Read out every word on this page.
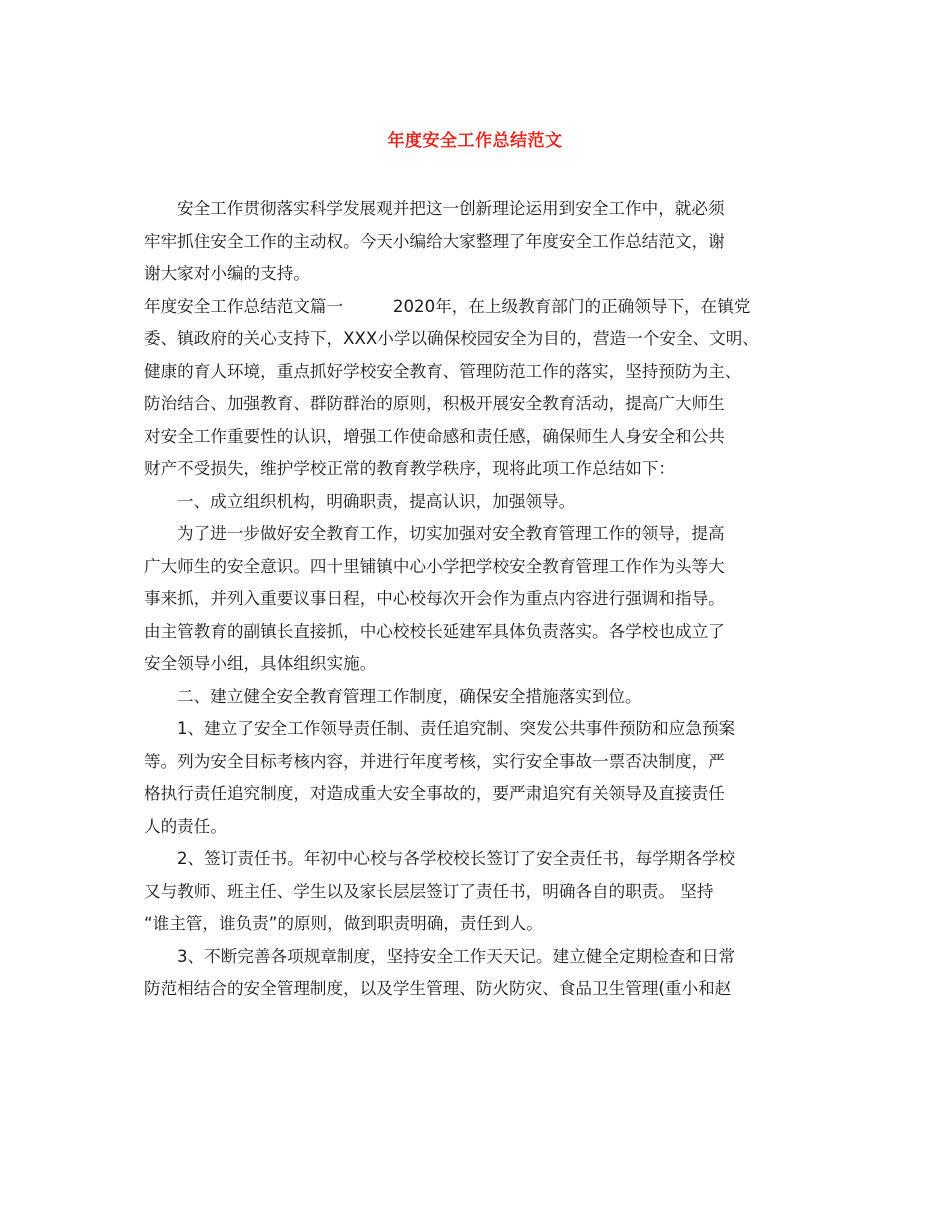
年度安全工作总结范文
安全工作贯彻落实科学发展观并把这一创新理论运用到安全工作中，就必须
牢牢抓住安全工作的主动权。今天小编给大家整理了年度安全工作总结范文，谢
谢大家对小编的支持。
年度安全工作总结范文篇一　　　2020年，在上级教育部门的正确领导下，在镇党
委、镇政府的关心支持下，XXX小学以确保校园安全为目的，营造一个安全、文明、
健康的育人环境，重点抓好学校安全教育、管理防范工作的落实，坚持预防为主、
防治结合、加强教育、群防群治的原则，积极开展安全教育活动，提高广大师生
对安全工作重要性的认识，增强工作使命感和责任感，确保师生人身安全和公共
财产不受损失，维护学校正常的教育教学秩序，现将此项工作总结如下：
一、成立组织机构，明确职责，提高认识，加强领导。
为了进一步做好安全教育工作，切实加强对安全教育管理工作的领导，提高
广大师生的安全意识。四十里铺镇中心小学把学校安全教育管理工作作为头等大
事来抓，并列入重要议事日程，中心校每次开会作为重点内容进行强调和指导。
由主管教育的副镇长直接抓，中心校校长延建军具体负责落实。各学校也成立了
安全领导小组，具体组织实施。
二、建立健全安全教育管理工作制度，确保安全措施落实到位。
1、建立了安全工作领导责任制、责任追究制、突发公共事件预防和应急预案
等。列为安全目标考核内容，并进行年度考核，实行安全事故一票否决制度，严
格执行责任追究制度，对造成重大安全事故的，要严肃追究有关领导及直接责任
人的责任。
2、签订责任书。年初中心校与各学校校长签订了安全责任书，每学期各学校
又与教师、班主任、学生以及家长层层签订了责任书，明确各自的职责。 坚持
“谁主管，谁负责”的原则，做到职责明确，责任到人。
3、不断完善各项规章制度，坚持安全工作天天记。建立健全定期检查和日常
防范相结合的安全管理制度，以及学生管理、防火防灾、食品卫生管理(重小和赵
